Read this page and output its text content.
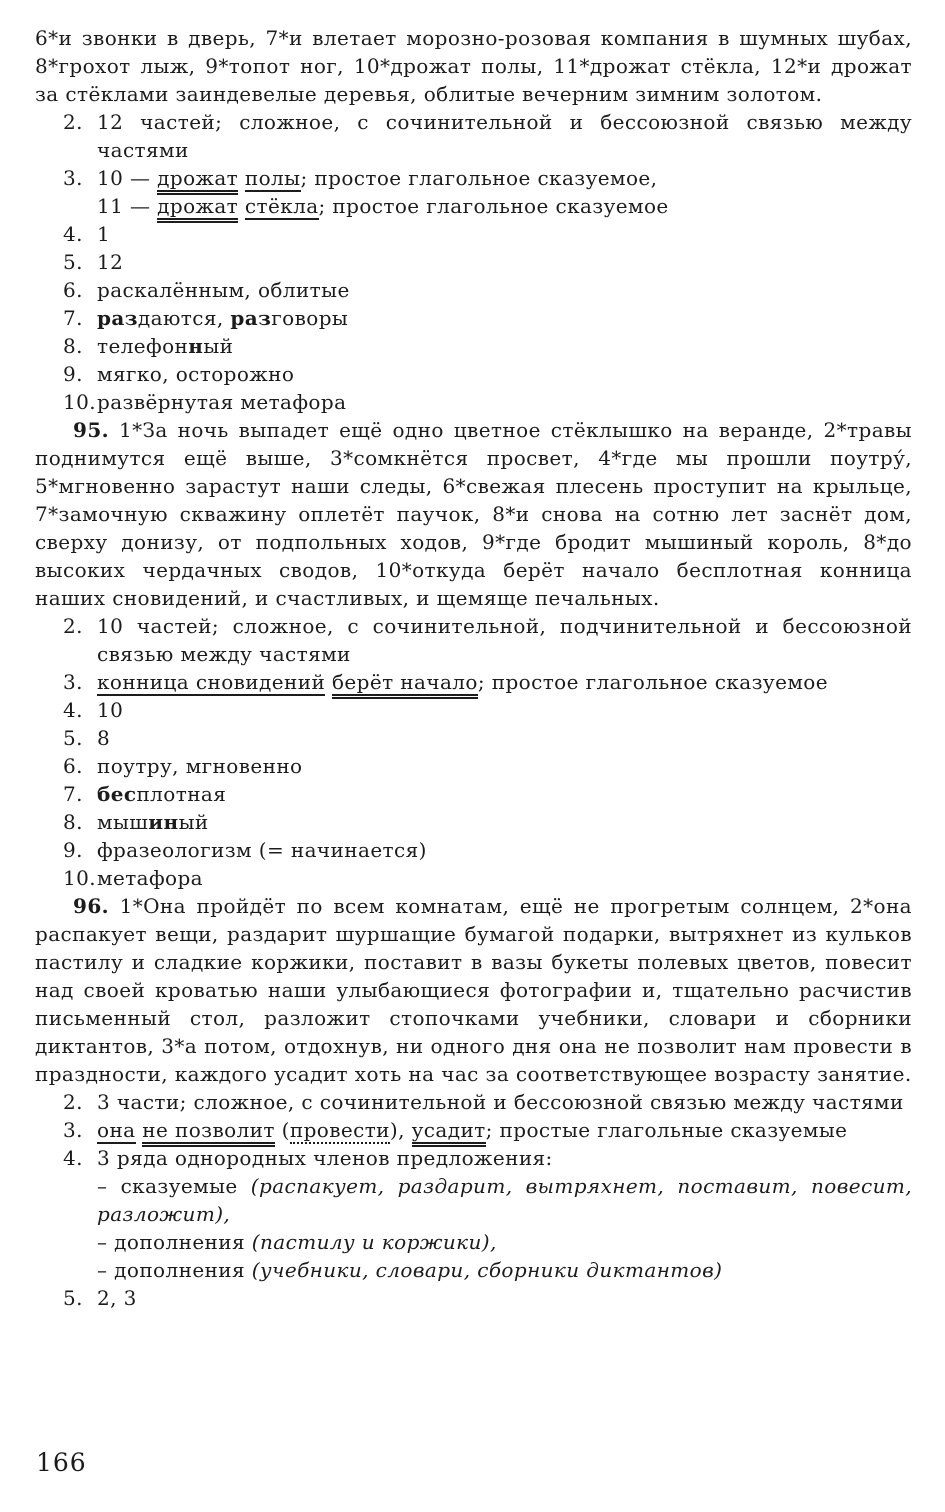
6*и звонки в дверь, 7*и влетает морозно-розовая компания в шумных шубах, 8*грохот лыж, 9*топот ног, 10*дрожат полы, 11*дрожат стёкла, 12*и дрожат за стёклами заиндевелые деревья, облитые вечерним зимним золотом.

2. 12 частей; сложное, с сочинительной и бессоюзной связью между частями
3. 10 — дрожат полы; простое глагольное сказуемое,
11 — дрожат стёкла; простое глагольное сказуемое
4. 1
5. 12
6. раскалённым, облитые
7. раздаются, разговоры
8. телефонный
9. мягко, осторожно
10. развёрнутая метафора

95. 1*За ночь выпадет ещё одно цветное стёклышко на веранде, 2*травы поднимутся ещё выше, 3*сомкнётся просвет, 4*где мы прошли поутру́, 5*мгновенно зарастут наши следы, 6*свежая плесень проступит на крыльце, 7*замочную скважину оплетёт паучок, 8*и снова на сотню лет заснёт дом, сверху донизу, от подпольных ходов, 9*где бродит мышиный король, 8*до высоких чердачных сводов, 10*откуда берёт начало бесплотная конница наших сновидений, и счастливых, и щемяще печальных.

2. 10 частей; сложное, с сочинительной, подчинительной и бессоюзной связью между частями
3. конница сновидений берёт начало; простое глагольное сказуемое
4. 10
5. 8
6. поутру, мгновенно
7. бесплотная
8. мышиный
9. фразеологизм (= начинается)
10. метафора

96. 1*Она пройдёт по всем комнатам, ещё не прогретым солнцем, 2*она распакует вещи, раздарит шуршащие бумагой подарки, вытряхнет из кульков пастилу и сладкие коржики, поставит в вазы букеты полевых цветов, повесит над своей кроватью наши улыбающиеся фотографии и, тщательно расчистив письменный стол, разложит стопочками учебники, словари и сборники диктантов, 3*а потом, отдохнув, ни одного дня она не позволит нам провести в праздности, каждого усадит хоть на час за соответствующее возрасту занятие.

2. 3 части; сложное, с сочинительной и бессоюзной связью между частями
3. она не позволит (провести), усадит; простые глагольные сказуемые
4. 3 ряда однородных членов предложения:
– сказуемые (распакует, раздарит, вытряхнет, поставит, повесит, разложит),
– дополнения (пастилу и коржики),
– дополнения (учебники, словари, сборники диктантов)
5. 2, 3
166
